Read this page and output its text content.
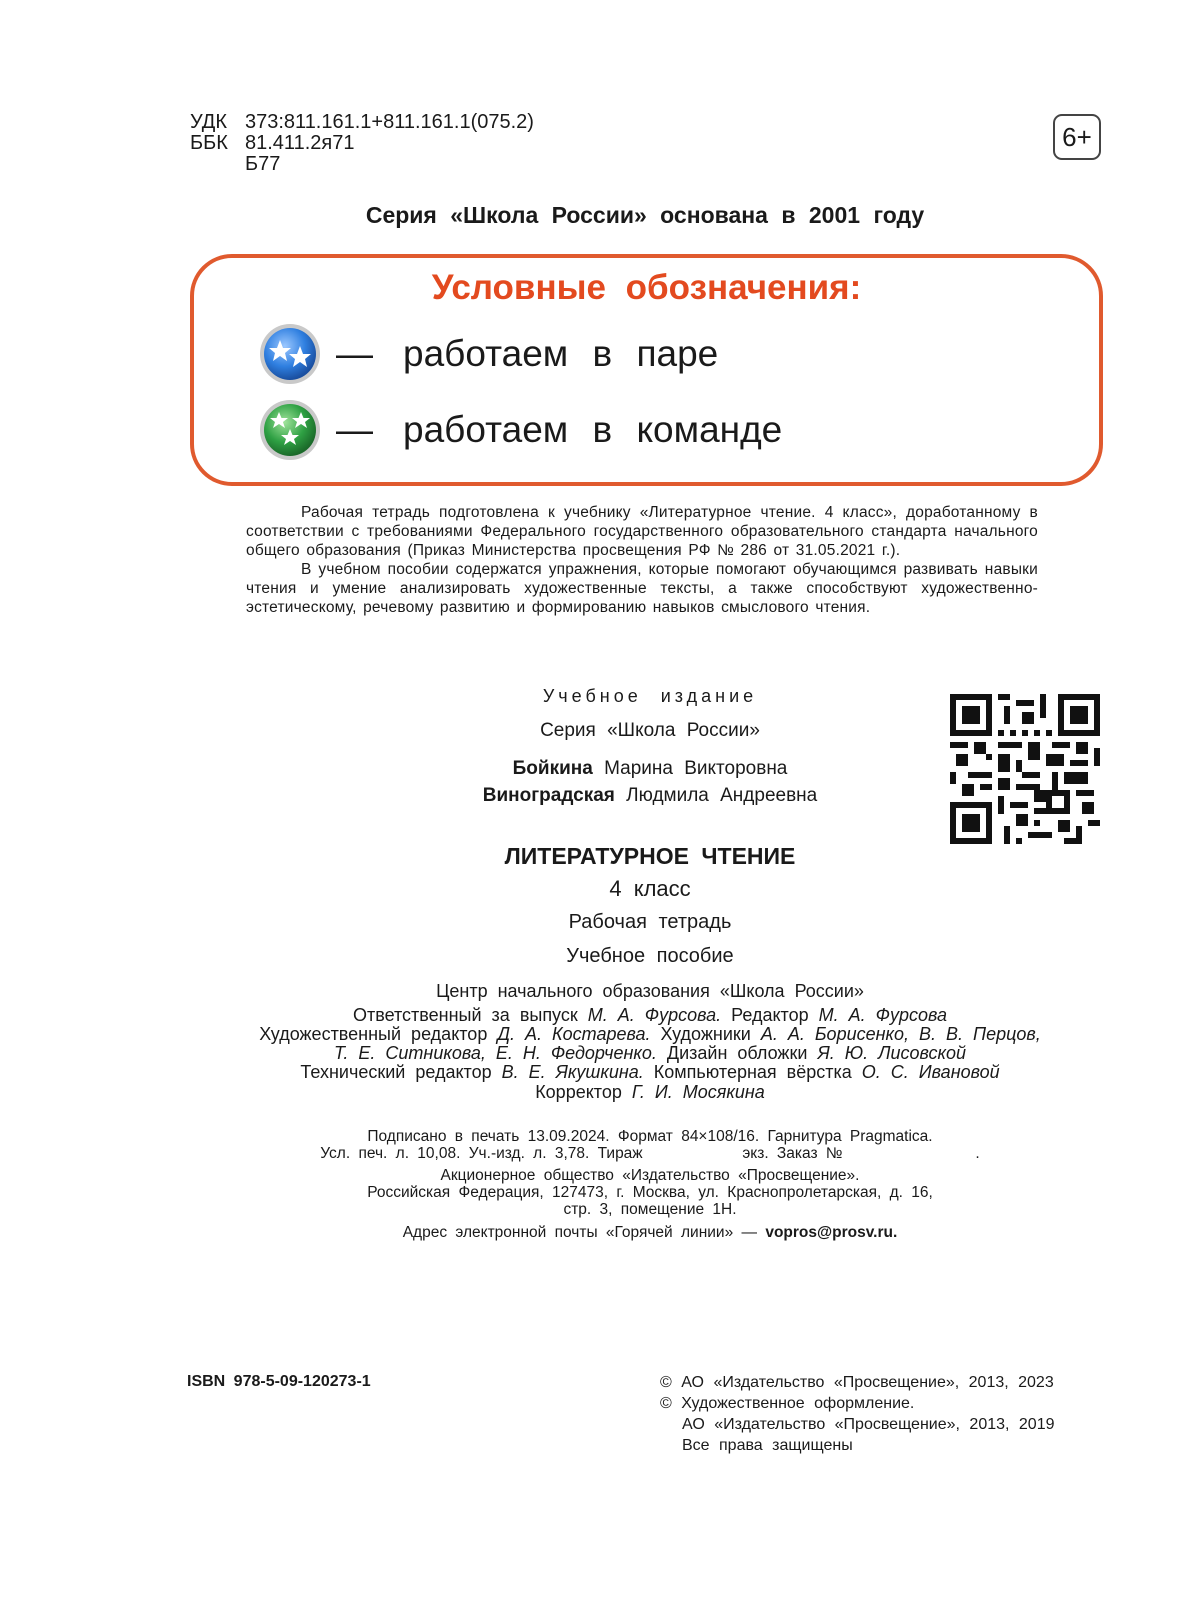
УДК 373:811.161.1+811.161.1(075.2)
ББК 81.411.2я71
Б77
6+
Серия «Школа России» основана в 2001 году
Условные обозначения:
— работаем в паре
— работаем в команде

Рабочая тетрадь подготовлена к учебнику «Литературное чтение. 4 класс», доработанному в соответствии с требованиями Федерального государственного образовательного стандарта начального общего образования (Приказ Министерства просвещения РФ № 286 от 31.05.2021 г.).

В учебном пособии содержатся упражнения, которые помогают обучающимся развивать навыки чтения и умение анализировать художественные тексты, а также способствуют художественно-эстетическому, речевому развитию и формированию навыков смыслового чтения.

Учебное издание
Серия «Школа России»
Бойкина Марина Викторовна
Виноградская Людмила Андреевна
ЛИТЕРАТУРНОЕ ЧТЕНИЕ
4 класс
Рабочая тетрадь
Учебное пособие
Центр начального образования «Школа России»
Ответственный за выпуск М. А. Фурсова. Редактор М. А. Фурсова
Художественный редактор Д. А. Костарева. Художники А. А. Борисенко, В. В. Перцов,
Т. Е. Ситникова, Е. Н. Федорченко. Дизайн обложки Я. Ю. Лисовской
Технический редактор В. Е. Якушкина. Компьютерная вёрстка О. С. Ивановой
Корректор Г. И. Мосякина
Подписано в печать 13.09.2024. Формат 84×108/16. Гарнитура Pragmatica.
Усл. печ. л. 10,08. Уч.-изд. л. 3,78. Тираж            экз. Заказ №                .
Акционерное общество «Издательство «Просвещение».
Российская Федерация, 127473, г. Москва, ул. Краснопролетарская, д. 16,
стр. 3, помещение 1Н.
Адрес электронной почты «Горячей линии» — vopros@prosv.ru.
ISBN 978-5-09-120273-1	© АО «Издательство «Просвещение», 2013, 2023
© Художественное оформление.
АО «Издательство «Просвещение», 2013, 2019
Все права защищены
